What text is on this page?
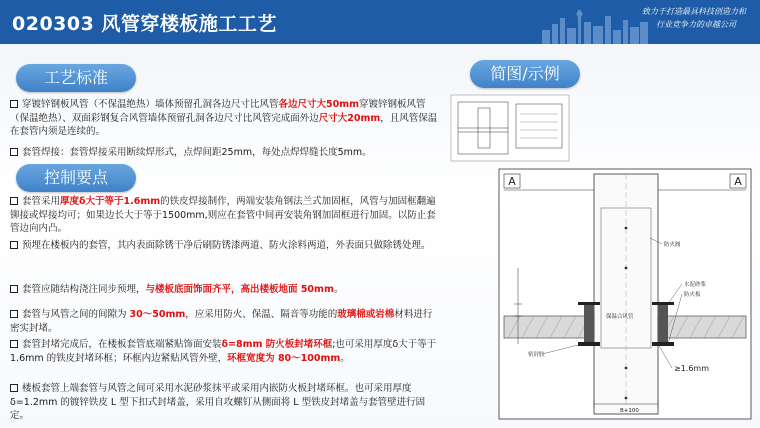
020303 风管穿楼板施工工艺
致力于打造最具科技创造力和
行业竞争力的卓越公司
工艺标准
控制要点
简图/示例
穿镀锌钢板风管（不保温绝热）墙体预留孔洞各边尺寸比风管各边尺寸大50mm穿镀锌钢板风管（保温绝热）、双面彩钢复合风管墙体预留孔洞各边尺寸比风管完成面外边尺寸大20mm，且风管保温在套管内须是连续的。
套管焊接：套管焊接采用断续焊形式，点焊间距25mm，每处点焊焊缝长度5mm。
套管采用厚度δ大于等于1.6mm的铁皮焊接制作，两端安装角钢法兰式加固框，风管与加固框翻遍铆接或焊接均可；如果边长大于等于1500mm,则应在套管中间再安装角钢加固框进行加固。以防止套管边向内凸。
预埋在楼板内的套管，其内表面除锈干净后刷防锈漆两道、防火涂料两道，外表面只做除锈处理。
套管应随结构浇注同步预埋，与楼板底面饰面齐平，高出楼板地面 50mm。
套管与风管之间的间隙为 30～50mm，应采用防火、保温、隔音等功能的玻璃棉或岩棉材料进行密实封堵。
套管封堵完成后，在楼板套管底端紧贴饰面安装δ=8mm 防火板封堵环框;也可采用厚度δ大于等于1.6mm 的铁皮封堵环框；环框内边紧贴风管外壁，环框宽度为 80～100mm。
楼板套管上端套管与风管之间可采用水泥砂浆抹平或采用内嵌防火板封堵环框。也可采用厚度δ=1.2mm 的镀锌铁皮 L 型下扣式封堵盖，采用自攻螺钉从侧面将 L 型铁皮封堵盖与套管壁进行固定。
A	A
防火阀
B+100
≥1.6mm
保温合风管
水泥砂浆
防火板
密封胶
